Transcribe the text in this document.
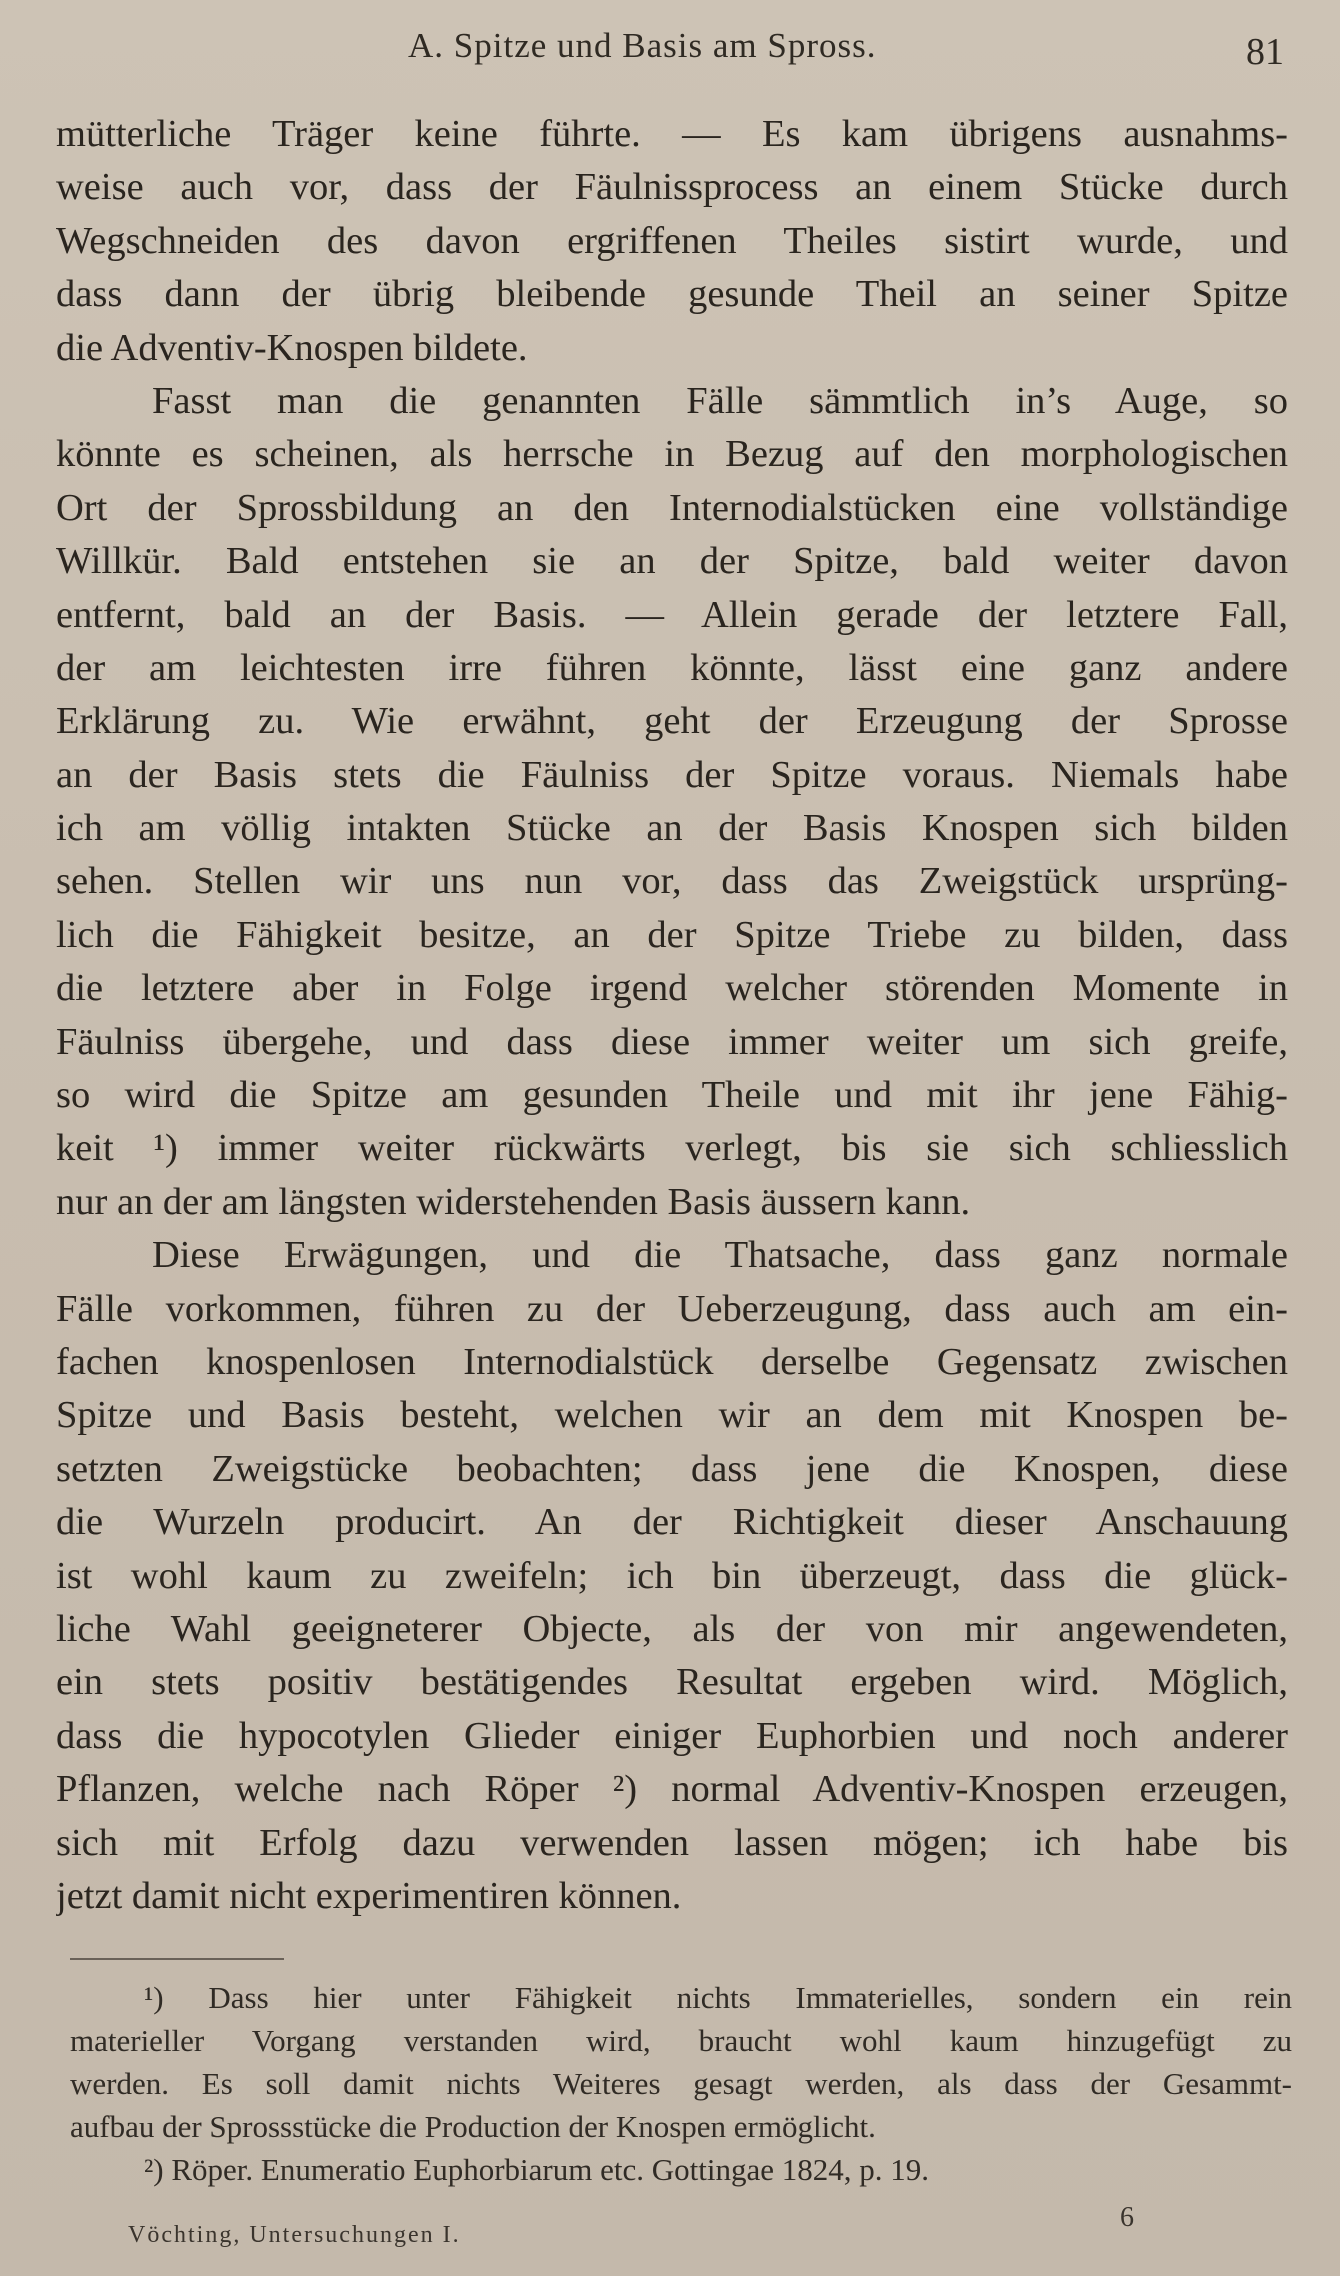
A. Spitze und Basis am Spross.	81
mütterliche Träger keine führte. — Es kam übrigens ausnahms-
weise auch vor, dass der Fäulnissprocess an einem Stücke durch
Wegschneiden des davon ergriffenen Theiles sistirt wurde, und
dass dann der übrig bleibende gesunde Theil an seiner Spitze
die Adventiv-Knospen bildete.
Fasst man die genannten Fälle sämmtlich in’s Auge, so
könnte es scheinen, als herrsche in Bezug auf den morphologischen
Ort der Sprossbildung an den Internodialstücken eine vollständige
Willkür. Bald entstehen sie an der Spitze, bald weiter davon
entfernt, bald an der Basis. — Allein gerade der letztere Fall,
der am leichtesten irre führen könnte, lässt eine ganz andere
Erklärung zu. Wie erwähnt, geht der Erzeugung der Sprosse
an der Basis stets die Fäulniss der Spitze voraus. Niemals habe
ich am völlig intakten Stücke an der Basis Knospen sich bilden
sehen. Stellen wir uns nun vor, dass das Zweigstück ursprüng-
lich die Fähigkeit besitze, an der Spitze Triebe zu bilden, dass
die letztere aber in Folge irgend welcher störenden Momente in
Fäulniss übergehe, und dass diese immer weiter um sich greife,
so wird die Spitze am gesunden Theile und mit ihr jene Fähig-
keit ¹) immer weiter rückwärts verlegt, bis sie sich schliesslich
nur an der am längsten widerstehenden Basis äussern kann.
Diese Erwägungen, und die Thatsache, dass ganz normale
Fälle vorkommen, führen zu der Ueberzeugung, dass auch am ein-
fachen knospenlosen Internodialstück derselbe Gegensatz zwischen
Spitze und Basis besteht, welchen wir an dem mit Knospen be-
setzten Zweigstücke beobachten; dass jene die Knospen, diese
die Wurzeln producirt. An der Richtigkeit dieser Anschauung
ist wohl kaum zu zweifeln; ich bin überzeugt, dass die glück-
liche Wahl geeigneterer Objecte, als der von mir angewendeten,
ein stets positiv bestätigendes Resultat ergeben wird. Möglich,
dass die hypocotylen Glieder einiger Euphorbien und noch anderer
Pflanzen, welche nach Röper ²) normal Adventiv-Knospen erzeugen,
sich mit Erfolg dazu verwenden lassen mögen; ich habe bis
jetzt damit nicht experimentiren können.
¹) Dass hier unter Fähigkeit nichts Immaterielles, sondern ein rein
materieller Vorgang verstanden wird, braucht wohl kaum hinzugefügt zu
werden. Es soll damit nichts Weiteres gesagt werden, als dass der Gesammt-
aufbau der Sprossstücke die Production der Knospen ermöglicht.
²) Röper. Enumeratio Euphorbiarum etc. Gottingae 1824, p. 19.
Vöchting, Untersuchungen I.
6
